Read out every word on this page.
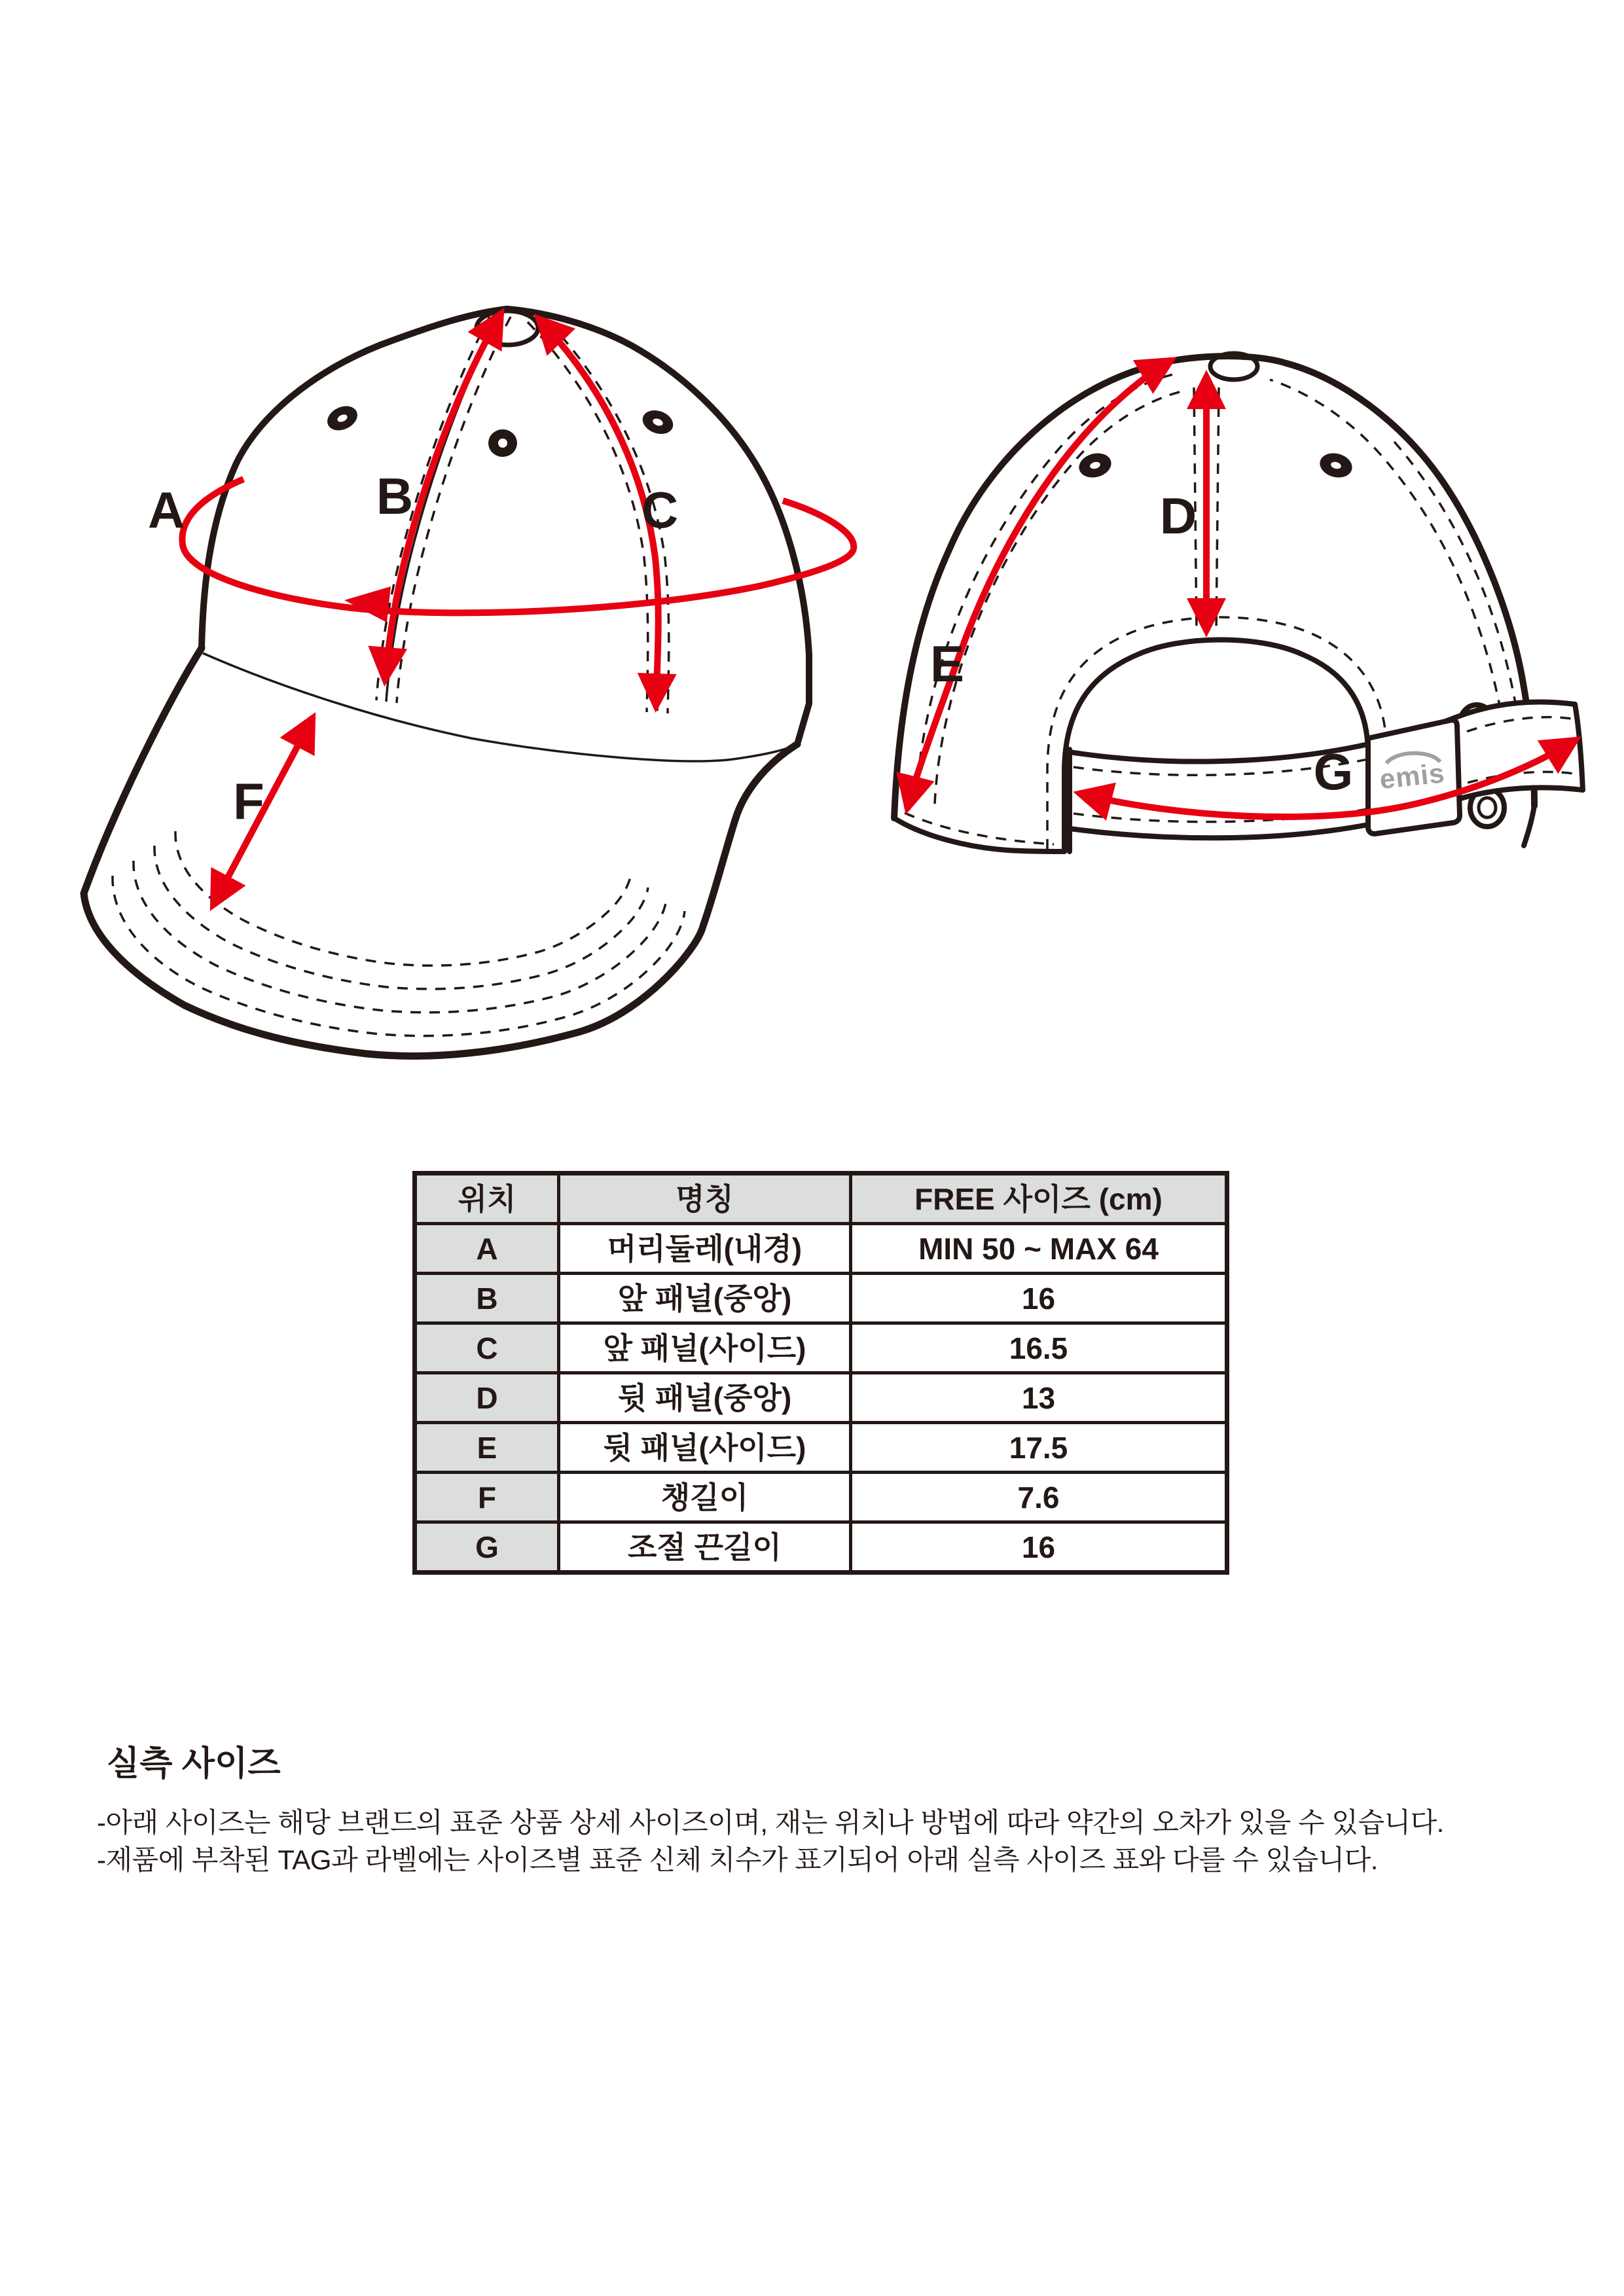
A	B	C
F	emis
D
E
G
위치	명칭	FREE 사이즈 (cm)
A	머리둘레(내경)	MIN 50 ~ MAX 64
B	앞 패널(중앙)	16
C	앞 패널(사이드)	16.5
D	뒷 패널(중앙)	13
E	뒷 패널(사이드)	17.5
F	챙길이	7.6
G	조절 끈길이	16
실측 사이즈

-아래 사이즈는 해당 브랜드의 표준 상품 상세 사이즈이며, 재는 위치나 방법에 따라 약간의 오차가 있을 수 있습니다.

-제품에 부착된 TAG과 라벨에는 사이즈별 표준 신체 치수가 표기되어 아래 실측 사이즈 표와 다를 수 있습니다.
